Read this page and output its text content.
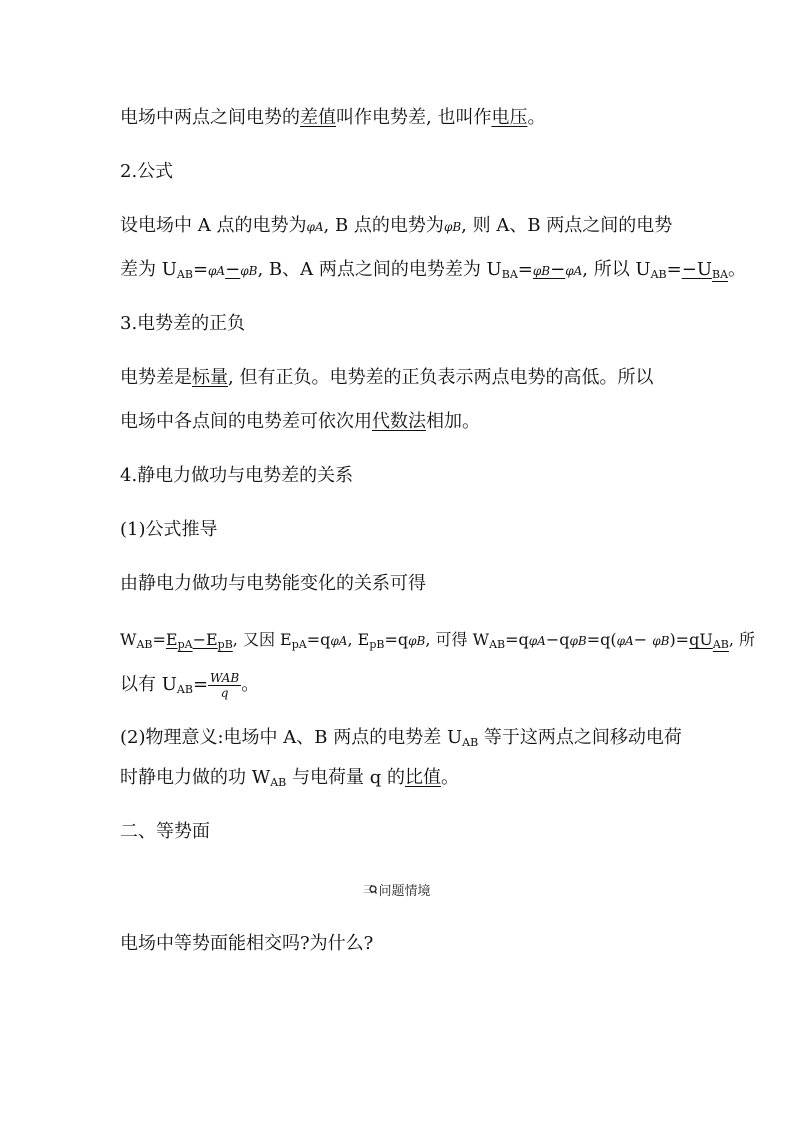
电场中两点之间电势的差值叫作电势差, 也叫作电压。
2.公式
设电场中 A 点的电势为φA, B 点的电势为φB, 则 A、B 两点之间的电势
差为 $U_{AB}=\varphi A-\varphi B$, B、A 两点之间的电势差为 $U_{BA}=\varphi B-\varphi A$, 所以 $U_{AB}=-U_{BA}$。
3.电势差的正负
电势差是标量, 但有正负。电势差的正负表示两点电势的高低。所以
电场中各点间的电势差可依次用代数法相加。
4.静电力做功与电势差的关系
(1)公式推导
由静电力做功与电势能变化的关系可得
$W_{AB}=E_{pA}-E_{pB}$, 又因 $E_{pA}=q\varphi A$, $E_{pB}=q\varphi B$, 可得 $W_{AB}=q\varphi A-q\varphi B=q(\varphi A- \varphi B)=qU_{AB}$, 所
以有 $U_{AB}= \frac{\text{WAB}}{q}$ 。
(2)物理意义:电场中 A、B 两点的电势差 $U_{AB}$ 等于这两点之间移动电荷
时静电力做的功 $W_{AB}$ 与电荷量 q 的比值。
二、等势面
三 问题情境
电场中等势面能相交吗?为什么?
